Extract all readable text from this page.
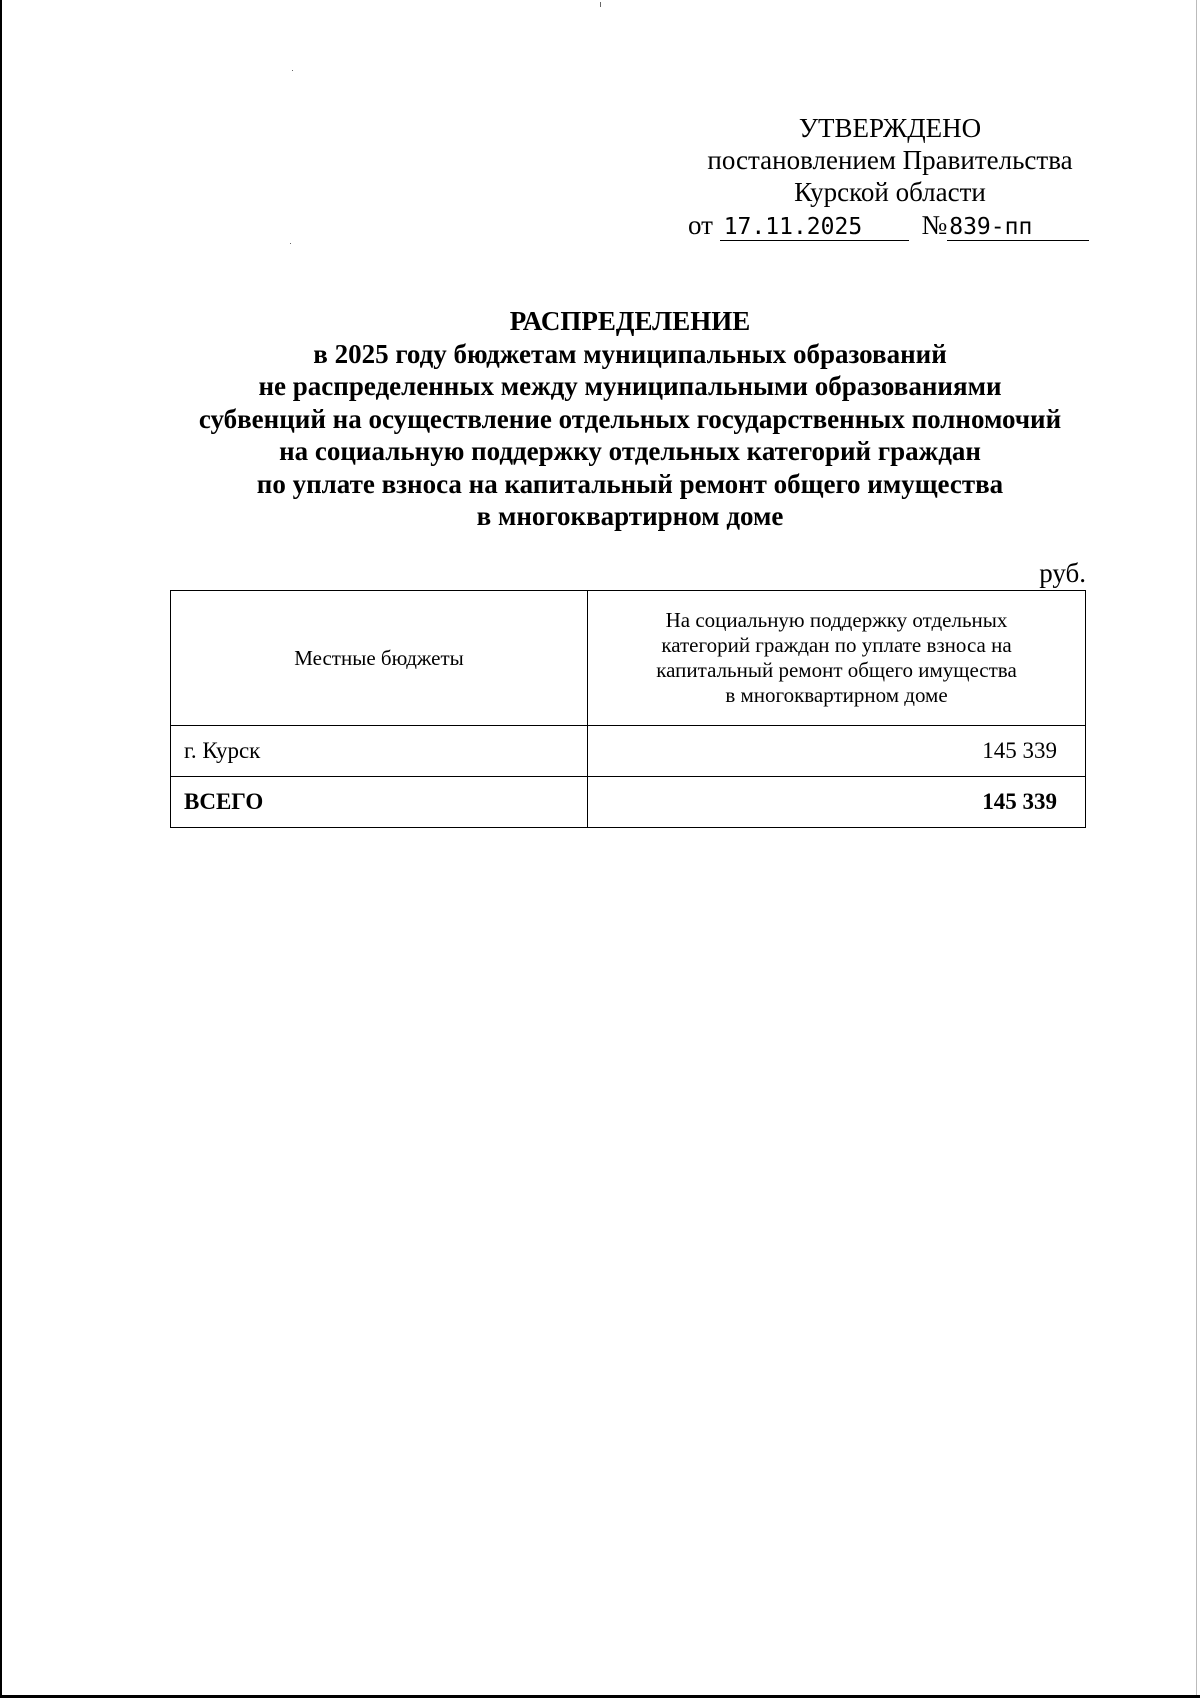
УТВЕРЖДЕНО
постановлением Правительства
Курской области
от 17.11.2025 №839-пп
РАСПРЕДЕЛЕНИЕ
в 2025 году бюджетам муниципальных образований
не распределенных между муниципальными образованиями
субвенций на осуществление отдельных государственных полномочий
на социальную поддержку отдельных категорий граждан
по уплате взноса на капитальный ремонт общего имущества
в многоквартирном доме
руб.
Местные бюджеты	На социальную поддержку отдельных
категорий граждан по уплате взноса на
капитальный ремонт общего имущества
в многоквартирном доме

г. Курск	145 339
ВСЕГО	145 339
